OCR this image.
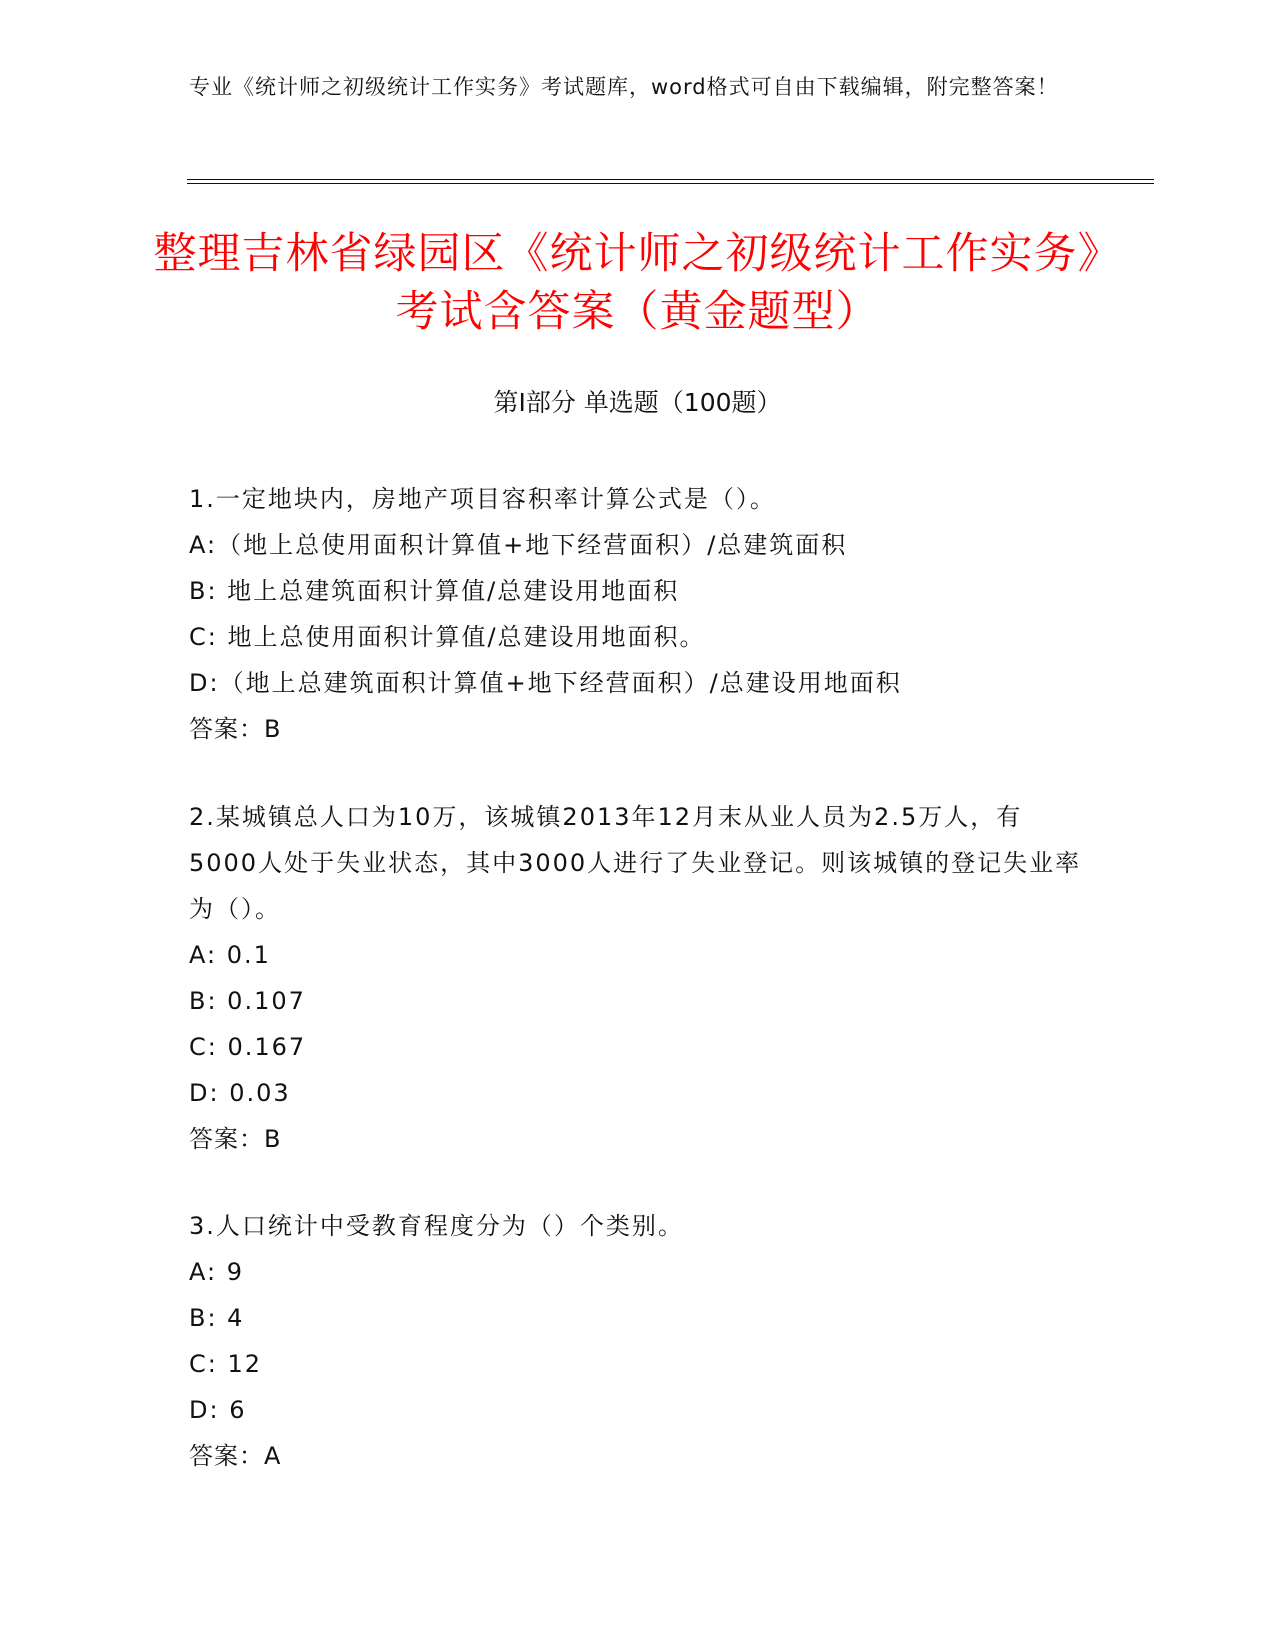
专业《统计师之初级统计工作实务》考试题库，word格式可自由下载编辑，附完整答案！
整理吉林省绿园区《统计师之初级统计工作实务》考试含答案（黄金题型）
第Ⅰ部分 单选题（100题）
1.一定地块内，房地产项目容积率计算公式是（）。
A:（地上总使用面积计算值+地下经营面积）/总建筑面积
B: 地上总建筑面积计算值/总建设用地面积
C: 地上总使用面积计算值/总建设用地面积。
D:（地上总建筑面积计算值+地下经营面积）/总建设用地面积
答案：B
2.某城镇总人口为10万，该城镇2013年12月末从业人员为2.5万人，有5000人处于失业状态，其中3000人进行了失业登记。则该城镇的登记失业率为（）。
A: 0.1
B: 0.107
C: 0.167
D: 0.03
答案：B
3.人口统计中受教育程度分为（）个类别。
A: 9
B: 4
C: 12
D: 6
答案：A
